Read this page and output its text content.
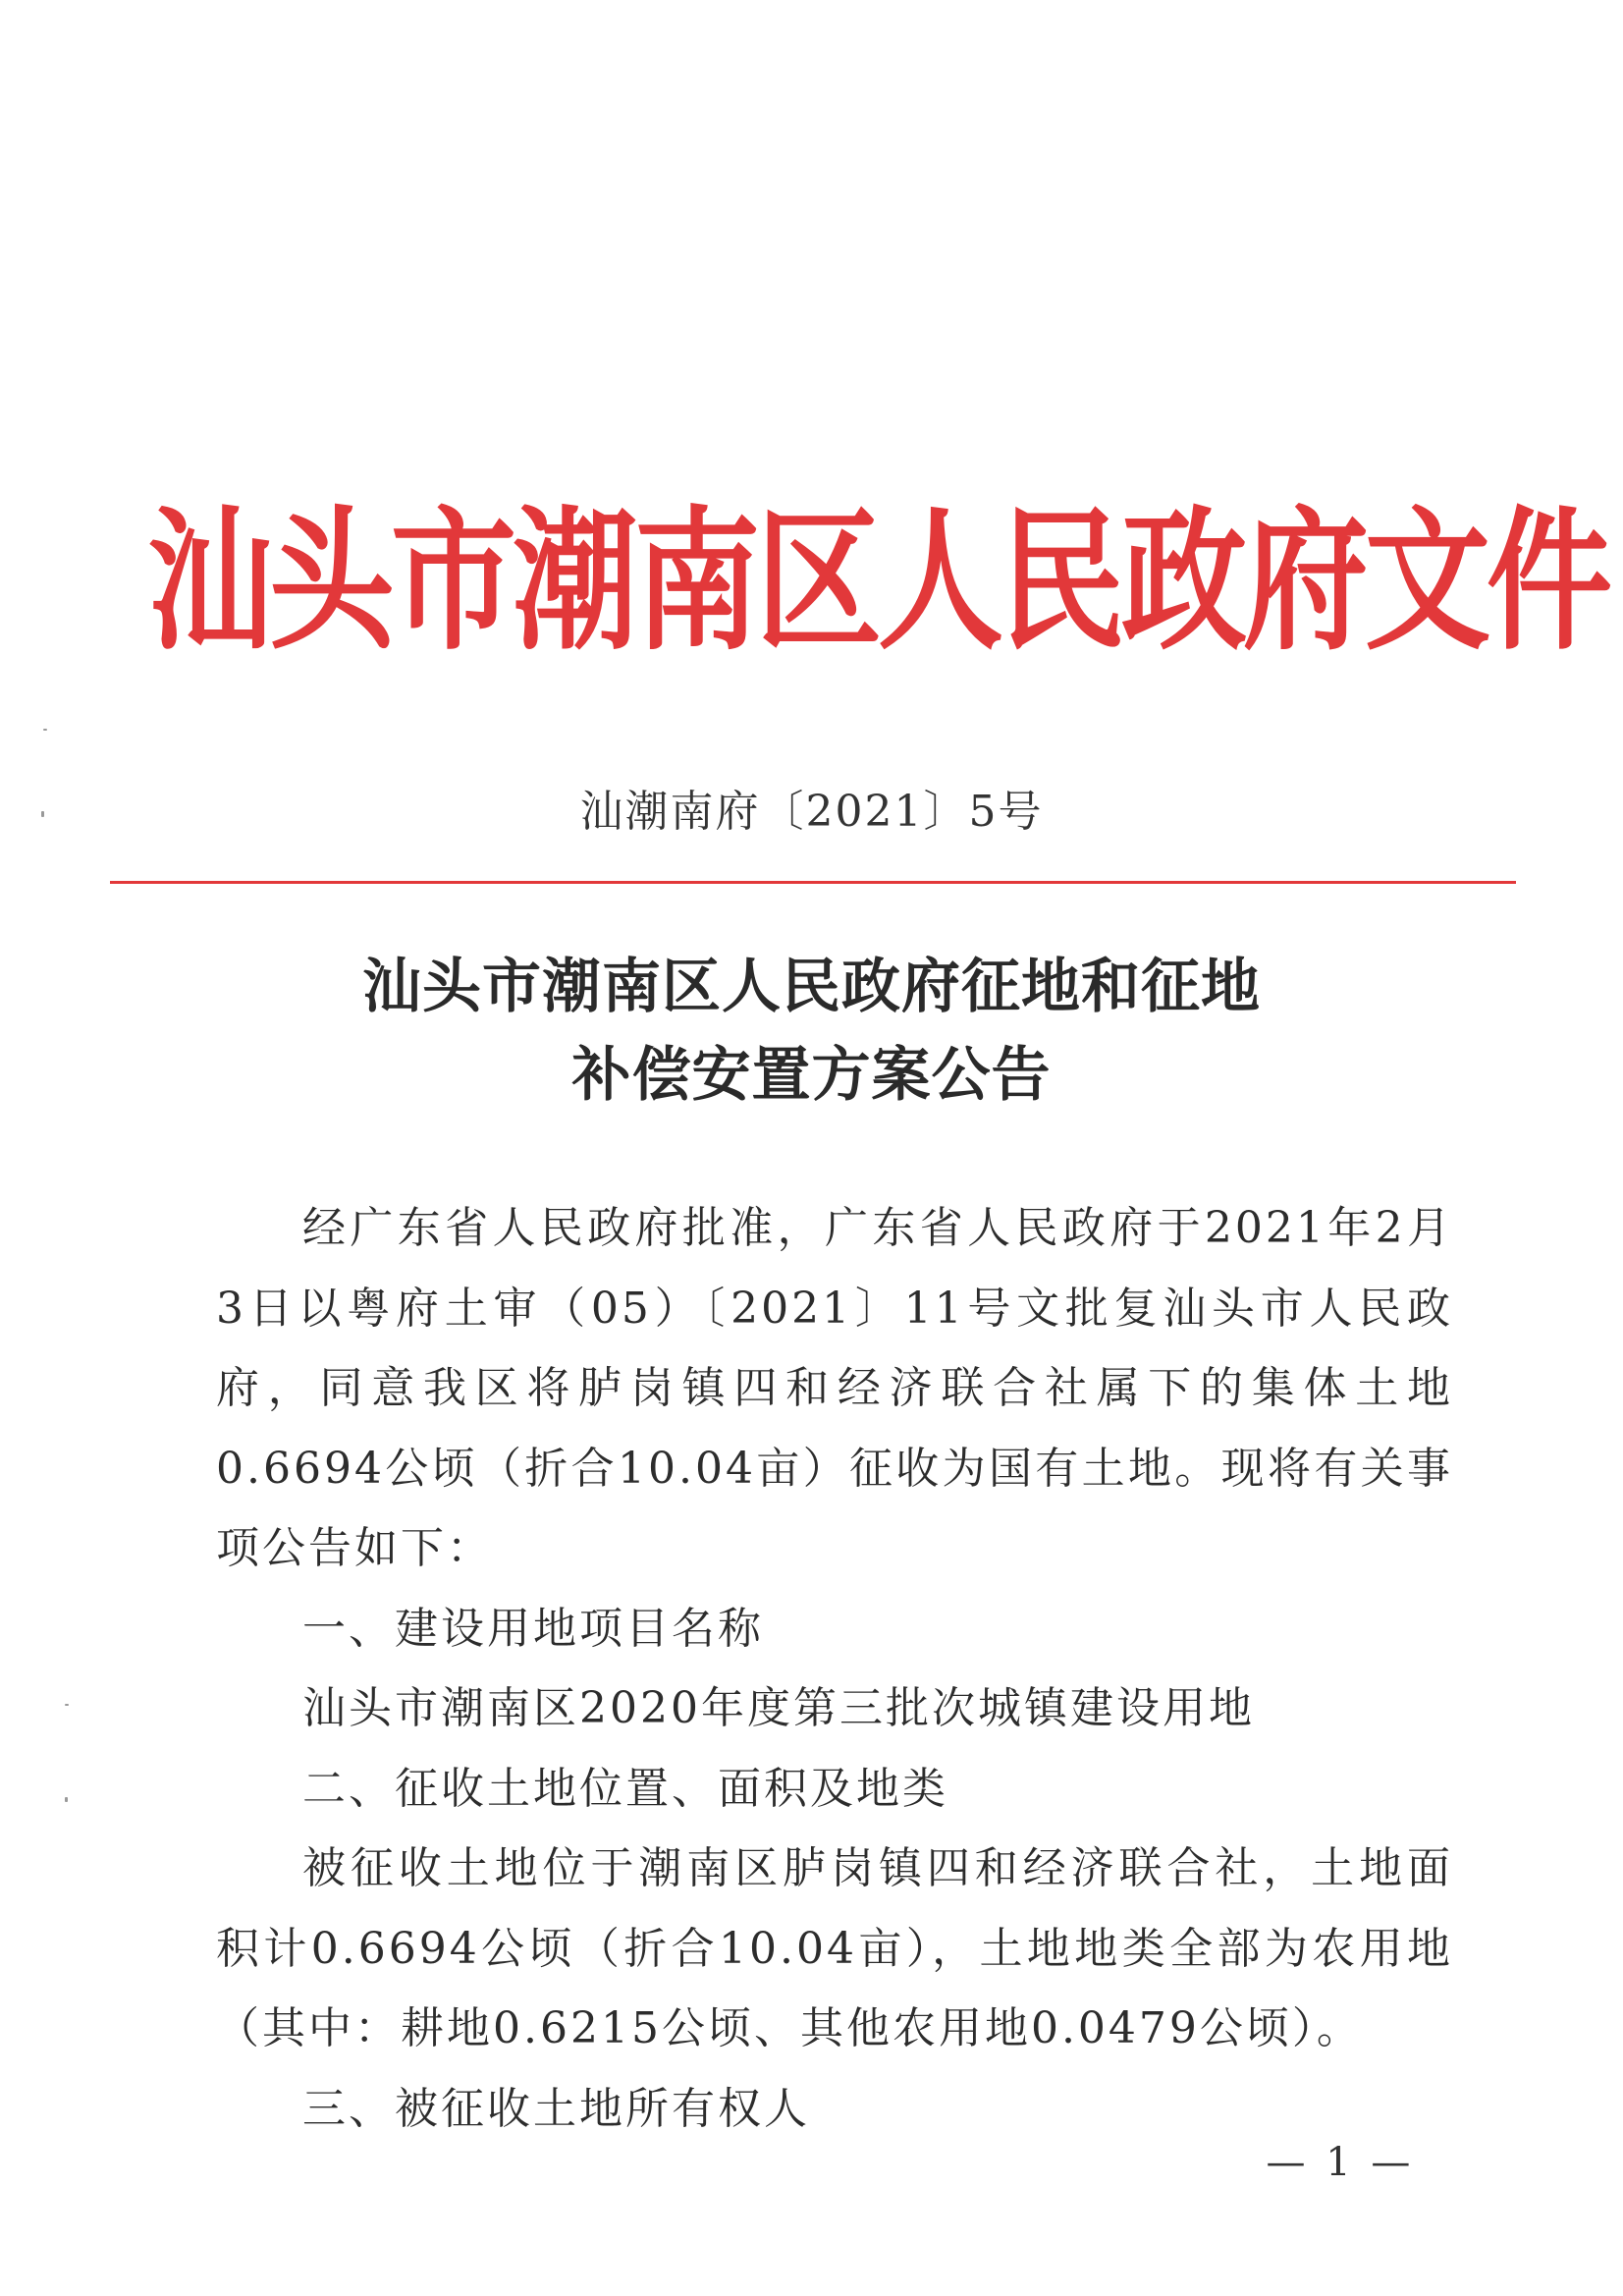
汕头市潮南区人民政府文件
汕潮南府〔2021〕5号
汕头市潮南区人民政府征地和征地
补偿安置方案公告

经广东省人民政府批准，广东省人民政府于2021年2月3日以粤府土审（05）〔2021〕11号文批复汕头市人民政府，同意我区将胪岗镇四和经济联合社属下的集体土地0.6694公顷（折合10.04亩）征收为国有土地。现将有关事项公告如下：

一、建设用地项目名称

汕头市潮南区2020年度第三批次城镇建设用地

二、征收土地位置、面积及地类

被征收土地位于潮南区胪岗镇四和经济联合社，土地面积计0.6694公顷（折合10.04亩），土地地类全部为农用地（其中：耕地0.6215公顷、其他农用地0.0479公顷）。

三、被征收土地所有权人

— 1 —
